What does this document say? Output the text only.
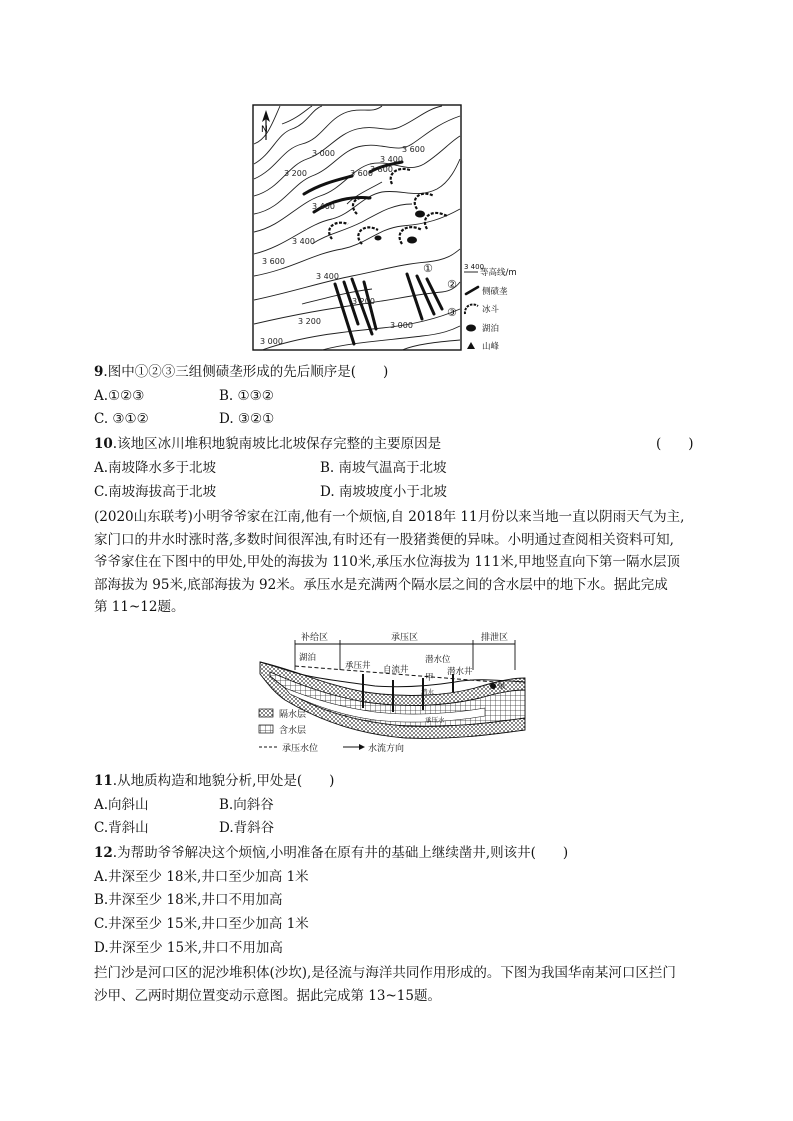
N
3 000
3 400
3 200
3 400
3 600
3 600
3 400
3 800
3 600
3 400
3 200
3 000
3 000
3 200
①
②
③
3 400
等高线/m
侧碛垄
冰斗
湖泊
山峰
9.图中①②③三组侧碛垄形成的先后顺序是(　　)
A.①②③	B. ①③②
C. ③①②	D. ③②①
10.该地区冰川堆积地貌南坡比北坡保存完整的主要原因是	(　　)
A.南坡降水多于北坡	B. 南坡气温高于北坡
C.南坡海拔高于北坡	D. 南坡坡度小于北坡
(2020山东联考)小明爷爷家在江南,他有一个烦恼,自 2018年 11月份以来当地一直以阴雨天气为主,
家门口的井水时涨时落,多数时间很浑浊,有时还有一股猪粪便的异味。小明通过查阅相关资料可知,
爷爷家住在下图中的甲处,甲处的海拔为 110米,承压水位海拔为 111米,甲地竖直向下第一隔水层顶
部海拔为 95米,底部海拔为 92米。承压水是充满两个隔水层之间的含水层中的地下水。据此完成
第 11~12题。
补给区	承压区	排泄区
湖泊
承压井 自流井
潜水位
甲
潜水井
泉
潜水
承压水
隔水层
含水层
承压水位	水流方向
11.从地质构造和地貌分析,甲处是(　　)
A.向斜山	B.向斜谷
C.背斜山	D.背斜谷
12.为帮助爷爷解决这个烦恼,小明准备在原有井的基础上继续凿井,则该井(　　)
A.井深至少 18米,井口至少加高 1米
B.井深至少 18米,井口不用加高
C.井深至少 15米,井口至少加高 1米
D.井深至少 15米,井口不用加高
拦门沙是河口区的泥沙堆积体(沙坎),是径流与海洋共同作用形成的。下图为我国华南某河口区拦门
沙甲、乙两时期位置变动示意图。据此完成第 13~15题。
